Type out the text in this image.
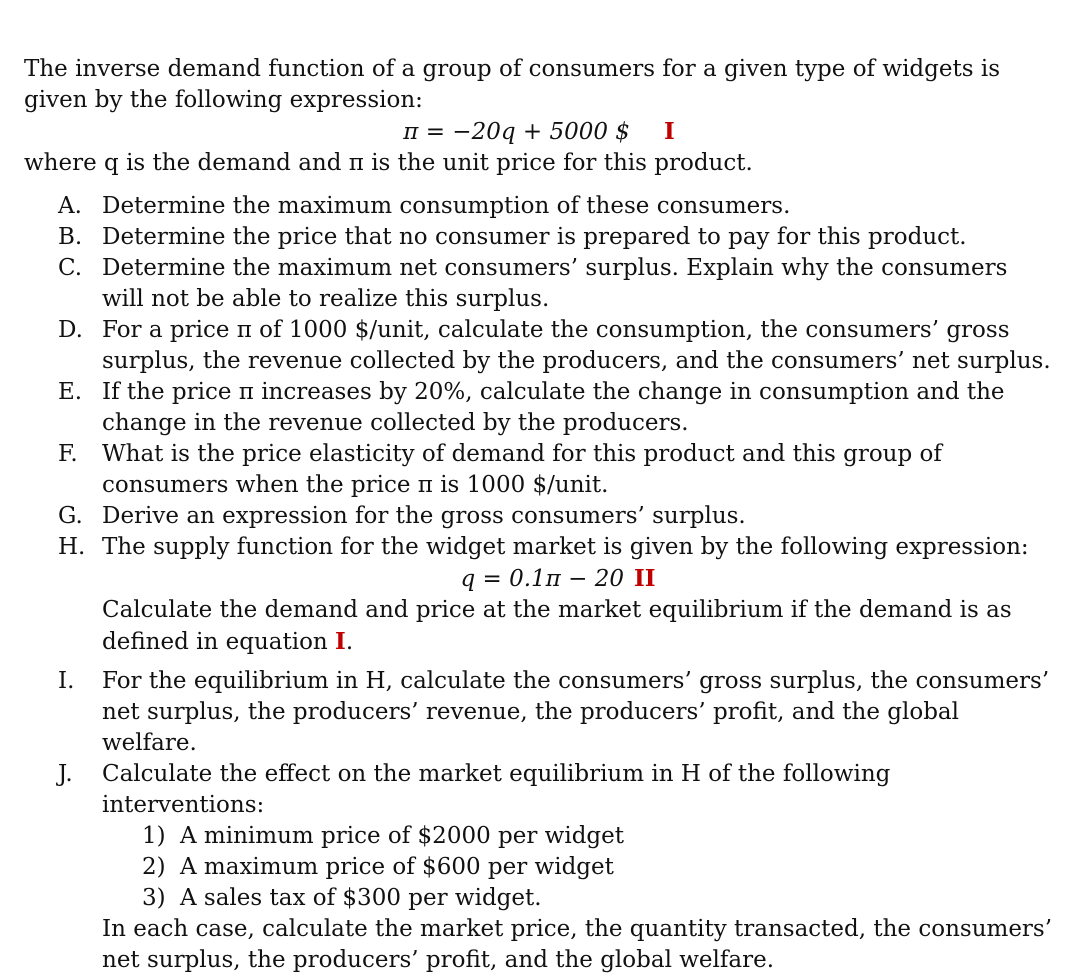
The inverse demand function of a group of consumers for a given type of widgets is given by the following expression:

π = −20q + 5000 $ I

where q is the demand and π is the unit price for this product.

A. Determine the maximum consumption of these consumers.
B. Determine the price that no consumer is prepared to pay for this product.
C. Determine the maximum net consumers’ surplus. Explain why the consumers will not be able to realize this surplus.
D. For a price π of 1000 $/unit, calculate the consumption, the consumers’ gross surplus, the revenue collected by the producers, and the consumers’ net surplus.
E. If the price π increases by 20%, calculate the change in consumption and the change in the revenue collected by the producers.
F.	What is the price elasticity of demand for this product and this group of consumers when the price π is 1000 $/unit.
G. Derive an expression for the gross consumers’ surplus.
H. The supply function for the widget market is given by the following expression:
q = 0.1π − 20 II
Calculate the demand and price at the market equilibrium if the demand is as defined in equation I.
I.	For the equilibrium in H, calculate the consumers’ gross surplus, the consumers’ net surplus, the producers’ revenue, the producers’ profit, and the global welfare.
J.	Calculate the effect on the market equilibrium in H of the following interventions:
1) A minimum price of $2000 per widget
2) A maximum price of $600 per widget
3) A sales tax of $300 per widget.
In each case, calculate the market price, the quantity transacted, the consumers’ net surplus, the producers’ profit, and the global welfare.
